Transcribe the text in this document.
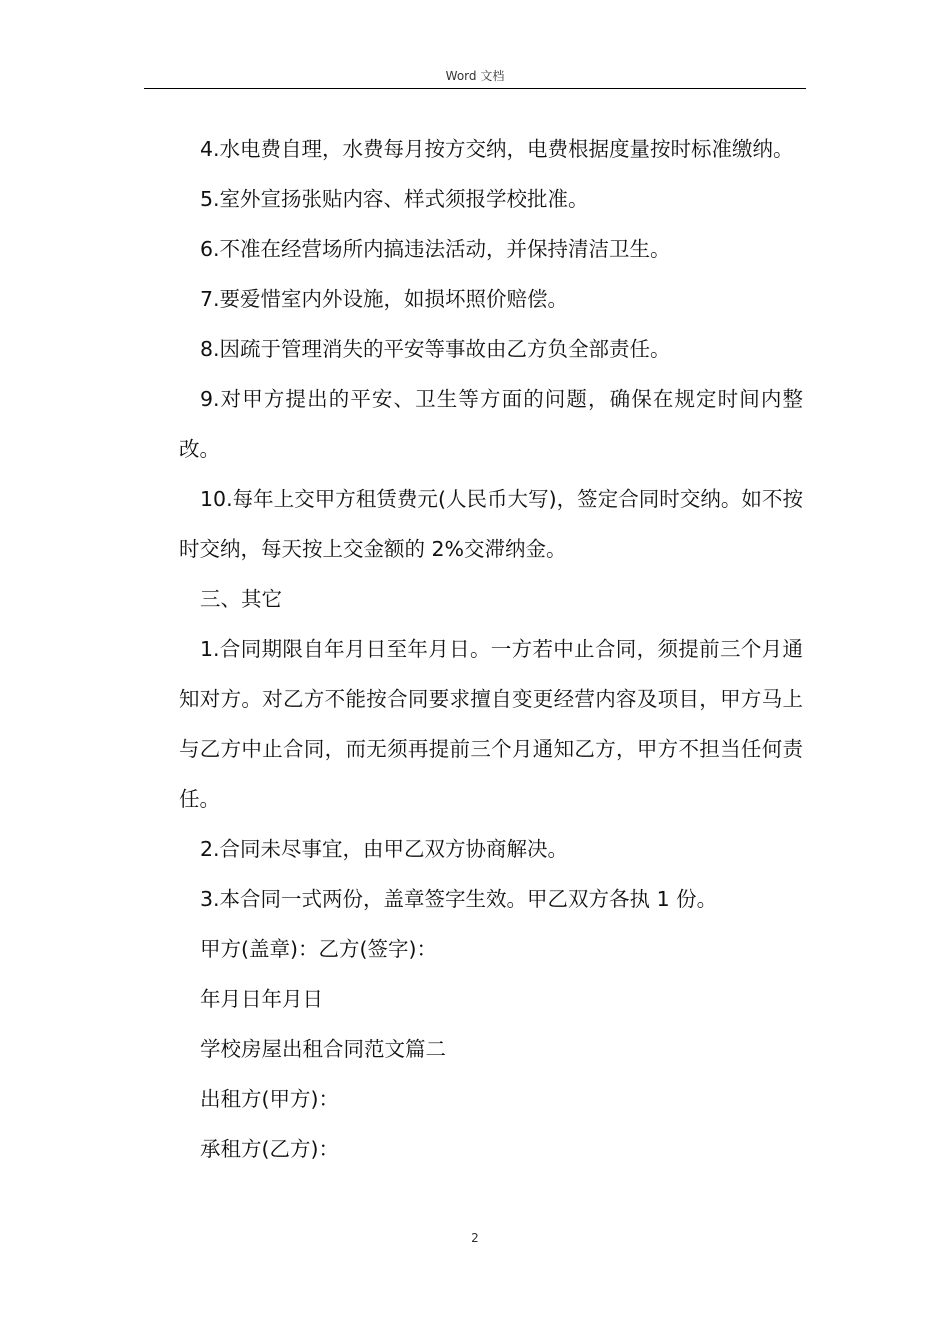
Word 文档

4.水电费自理，水费每月按方交纳，电费根据度量按时标准缴纳。

5.室外宣扬张贴内容、样式须报学校批准。

6.不准在经营场所内搞违法活动，并保持清洁卫生。

7.要爱惜室内外设施，如损坏照价赔偿。

8.因疏于管理消失的平安等事故由乙方负全部责任。

9.对甲方提出的平安、卫生等方面的问题，确保在规定时间内整改。

10.每年上交甲方租赁费元(人民币大写)，签定合同时交纳。如不按时交纳，每天按上交金额的 2%交滞纳金。

三、其它

1.合同期限自年月日至年月日。一方若中止合同，须提前三个月通知对方。对乙方不能按合同要求擅自变更经营内容及项目，甲方马上与乙方中止合同，而无须再提前三个月通知乙方，甲方不担当任何责任。

2.合同未尽事宜，由甲乙双方协商解决。

3.本合同一式两份，盖章签字生效。甲乙双方各执 1 份。

甲方(盖章)：乙方(签字)：

年月日年月日

学校房屋出租合同范文篇二

出租方(甲方)：

承租方(乙方)：

2
